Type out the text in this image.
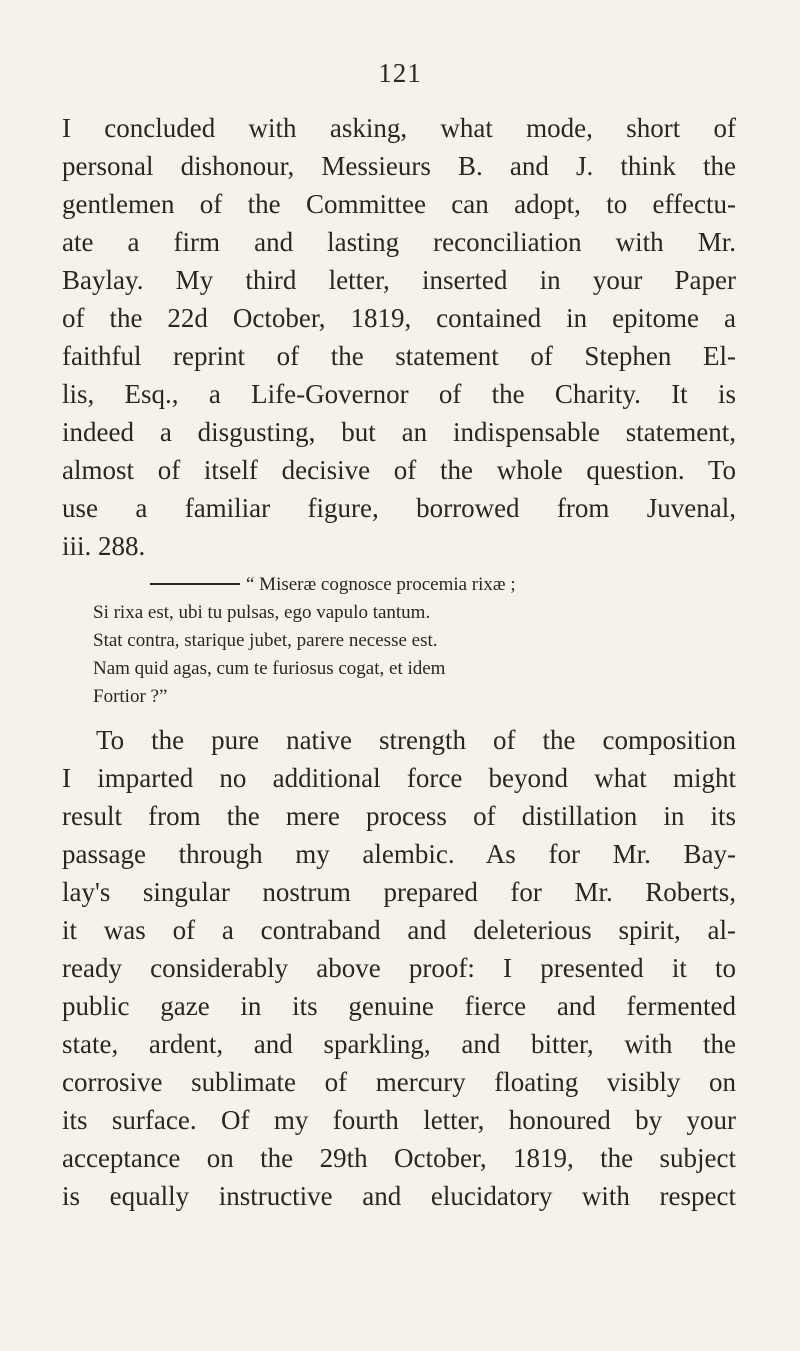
121
I concluded with asking, what mode, short of
personal dishonour, Messieurs B. and J. think the
gentlemen of the Committee can adopt, to effectu-
ate a firm and lasting reconciliation with Mr.
Baylay. My third letter, inserted in your Paper
of the 22d October, 1819, contained in epitome a
faithful reprint of the statement of Stephen El-
lis, Esq., a Life-Governor of the Charity. It is
indeed a disgusting, but an indispensable statement,
almost of itself decisive of the whole question. To
use a familiar figure, borrowed from Juvenal,
iii. 288.
“ Miseræ cognosce procemia rixæ ;
Si rixa est, ubi tu pulsas, ego vapulo tantum.
Stat contra, starique jubet, parere necesse est.
Nam quid agas, cum te furiosus cogat, et idem
Fortior ?”
To the pure native strength of the composition
I imparted no additional force beyond what might
result from the mere process of distillation in its
passage through my alembic. As for Mr. Bay-
lay's singular nostrum prepared for Mr. Roberts,
it was of a contraband and deleterious spirit, al-
ready considerably above proof: I presented it to
public gaze in its genuine fierce and fermented
state, ardent, and sparkling, and bitter, with the
corrosive sublimate of mercury floating visibly on
its surface. Of my fourth letter, honoured by your
acceptance on the 29th October, 1819, the subject
is equally instructive and elucidatory with respect
